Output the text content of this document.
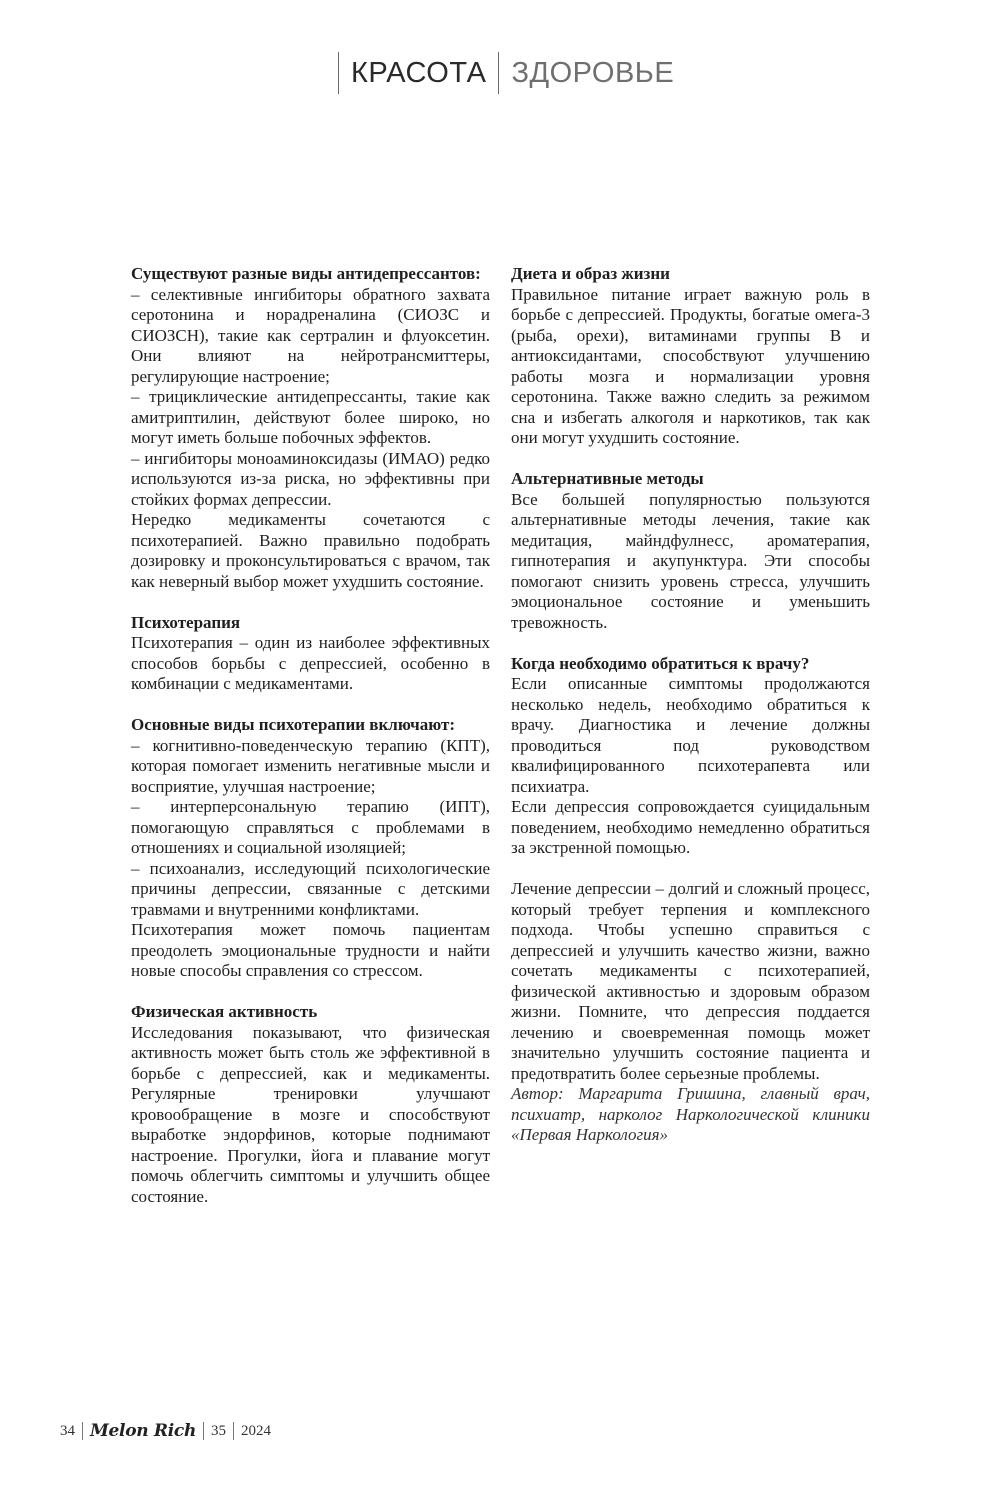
КРАСОТА ЗДОРОВЬЕ
Существуют разные виды антидепрессантов:

– селективные ингибиторы обратного захвата серотонина и норадреналина (СИОЗС и СИОЗСН), такие как сертралин и флуоксетин. Они влияют на нейротрансмиттеры, регулирующие настроение;

– трициклические антидепрессанты, такие как амитриптилин, действуют более широко, но могут иметь больше побочных эффектов.

– ингибиторы моноаминоксидазы (ИМАО) редко используются из-за риска, но эффективны при стойких формах депрессии.

Нередко медикаменты сочетаются с психотерапией. Важно правильно подобрать дозировку и проконсультироваться с врачом, так как неверный выбор может ухудшить состояние.

Психотерапия

Психотерапия – один из наиболее эффективных способов борьбы с депрессией, особенно в комбинации с медикаментами.

Основные виды психотерапии включают:

– когнитивно-поведенческую терапию (КПТ), которая помогает изменить негативные мысли и восприятие, улучшая настроение;

– интерперсональную терапию (ИПТ), помогающую справляться с проблемами в отношениях и социальной изоляцией;

– психоанализ, исследующий психологические причины депрессии, связанные с детскими травмами и внутренними конфликтами.

Психотерапия может помочь пациентам преодолеть эмоциональные трудности и найти новые способы справления со стрессом.

Физическая активность

Исследования показывают, что физическая активность может быть столь же эффективной в борьбе с депрессией, как и медикаменты. Регулярные тренировки улучшают кровообращение в мозге и способствуют выработке эндорфинов, которые поднимают настроение. Прогулки, йога и плавание могут помочь облегчить симптомы и улучшить общее состояние.

Диета и образ жизни

Правильное питание играет важную роль в борьбе с депрессией. Продукты, богатые омега-3 (рыба, орехи), витаминами группы В и антиоксидантами, способствуют улучшению работы мозга и нормализации уровня серотонина. Также важно следить за режимом сна и избегать алкоголя и наркотиков, так как они могут ухудшить состояние.

Альтернативные методы

Все большей популярностью пользуются альтернативные методы лечения, такие как медитация, майндфулнесс, ароматерапия, гипнотерапия и акупунктура. Эти способы помогают снизить уровень стресса, улучшить эмоциональное состояние и уменьшить тревожность.

Когда необходимо обратиться к врачу?

Если описанные симптомы продолжаются несколько недель, необходимо обратиться к врачу. Диагностика и лечение должны проводиться под руководством квалифицированного психотерапевта или психиатра.

Если депрессия сопровождается суицидальным поведением, необходимо немедленно обратиться за экстренной помощью.

Лечение депрессии – долгий и сложный процесс, который требует терпения и комплексного подхода. Чтобы успешно справиться с депрессией и улучшить качество жизни, важно сочетать медикаменты с психотерапией, физической активностью и здоровым образом жизни. Помните, что депрессия поддается лечению и своевременная помощь может значительно улучшить состояние пациента и предотвратить более серьезные проблемы.

Автор: Маргарита Гришина, главный врач, психиатр, нарколог Наркологической клиники «Первая Наркология»

34 Melon Rich 35 2024
